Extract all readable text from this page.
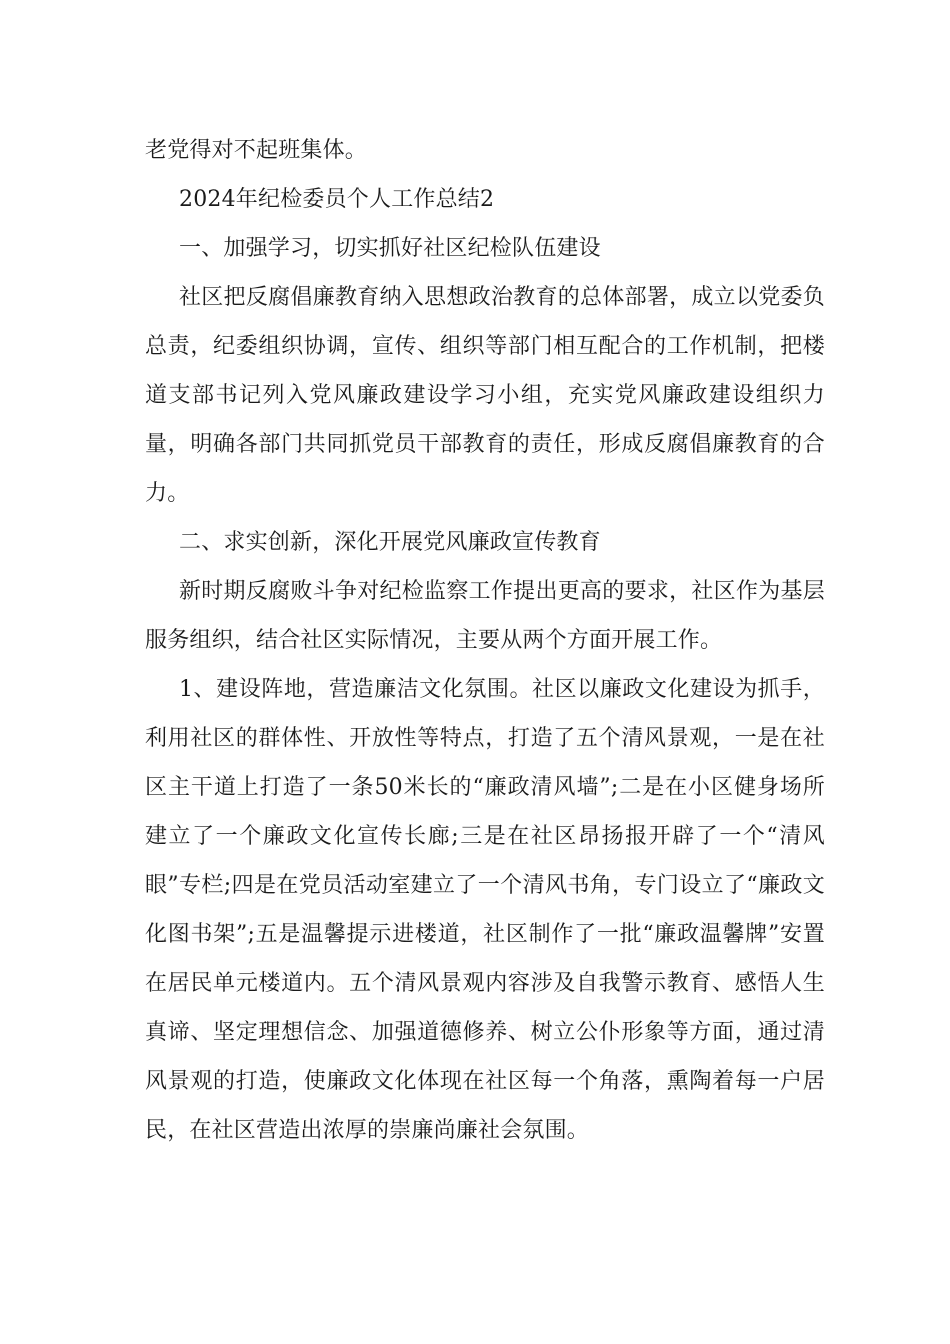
老党得对不起班集体。

2024年纪检委员个人工作总结2

一、加强学习，切实抓好社区纪检队伍建设

社区把反腐倡廉教育纳入思想政治教育的总体部署，成立以党委负总责，纪委组织协调，宣传、组织等部门相互配合的工作机制，把楼道支部书记列入党风廉政建设学习小组，充实党风廉政建设组织力量，明确各部门共同抓党员干部教育的责任，形成反腐倡廉教育的合力。

二、求实创新，深化开展党风廉政宣传教育

新时期反腐败斗争对纪检监察工作提出更高的要求，社区作为基层服务组织，结合社区实际情况，主要从两个方面开展工作。

1、建设阵地，营造廉洁文化氛围。社区以廉政文化建设为抓手，利用社区的群体性、开放性等特点，打造了五个清风景观，一是在社区主干道上打造了一条50米长的“廉政清风墙”;二是在小区健身场所建立了一个廉政文化宣传长廊;三是在社区昂扬报开辟了一个“清风眼”专栏;四是在党员活动室建立了一个清风书角，专门设立了“廉政文化图书架”;五是温馨提示进楼道，社区制作了一批“廉政温馨牌”安置在居民单元楼道内。五个清风景观内容涉及自我警示教育、感悟人生真谛、坚定理想信念、加强道德修养、树立公仆形象等方面，通过清风景观的打造，使廉政文化体现在社区每一个角落，熏陶着每一户居民，在社区营造出浓厚的崇廉尚廉社会氛围。
